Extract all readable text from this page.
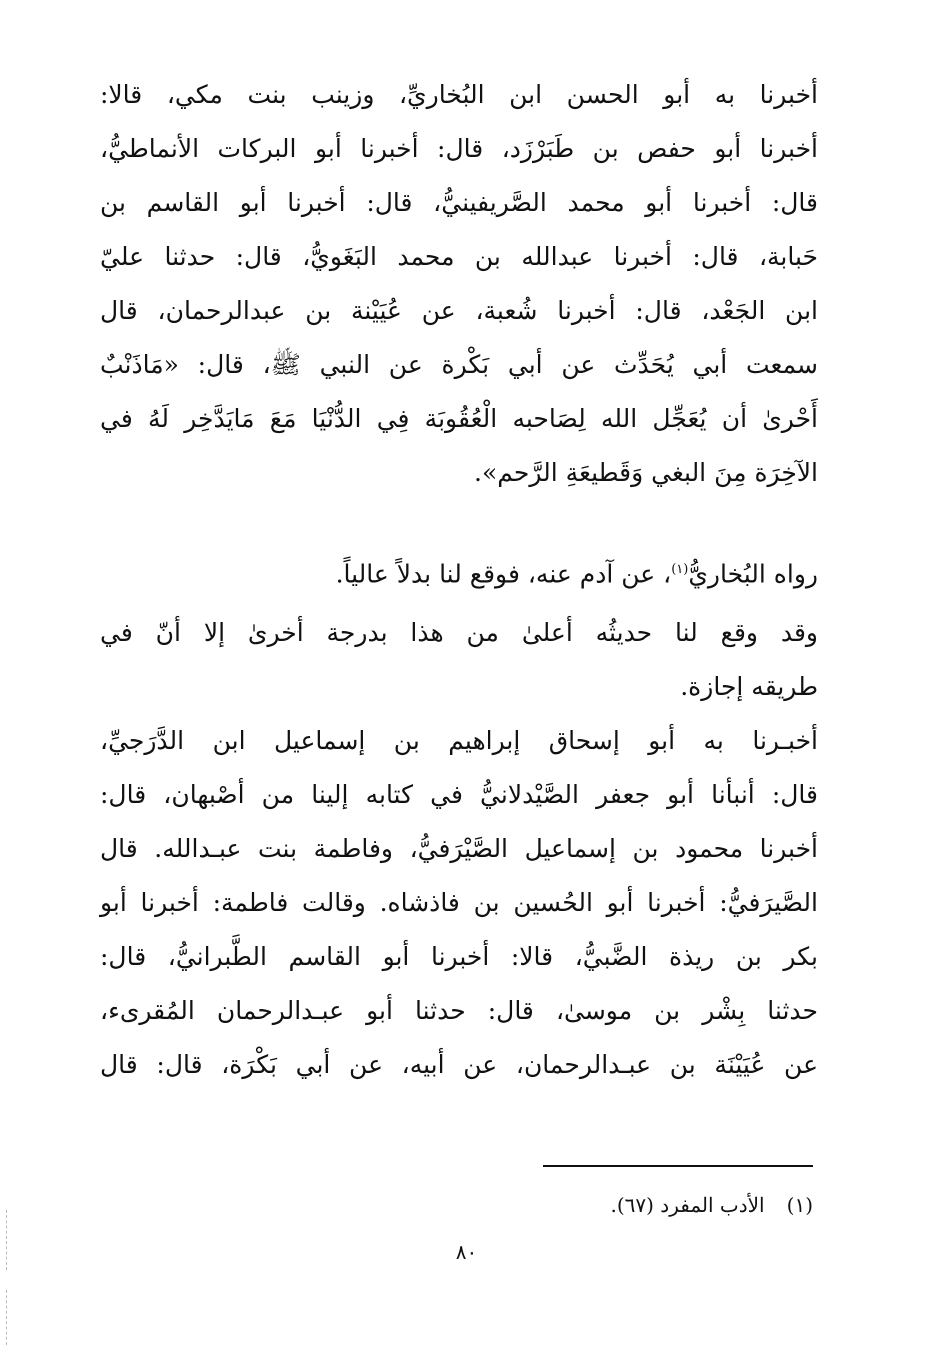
أخبرنا به أبو الحسن ابن البُخاريِّ، وزينب بنت مكي، قالا:
أخبرنا أبو حفص بن طَبَرْزَد، قال: أخبرنا أبو البركات الأنماطيُّ،
قال: أخبرنا أبو محمد الصَّريفينيُّ، قال: أخبرنا أبو القاسم بن
حَبابة، قال: أخبرنا عبدالله بن محمد البَغَويُّ، قال: حدثنا عليّ
ابن الجَعْد، قال: أخبرنا شُعبة، عن عُيَيْنة بن عبدالرحمان، قال
سمعت أبي يُحَدِّث عن أبي بَكْرة عن النبي ﷺ، قال: «مَاذَنْبٌ
أَحْرىٰ أن يُعَجِّل الله لِصَاحبه الْعُقُوبَة فِي الدُّنْيَا مَعَ مَايَدَّخِر لَهُ في
الآخِرَة مِنَ البغي وَقَطيعَةِ الرَّحم».
رواه البُخاريُّ$^{(١)}$، عن آدم عنه، فوقع لنا بدلاً عالياً.
وقد وقع لنا حديثُه أعلىٰ من هذا بدرجة أخرىٰ إلا أنّ في
طريقه إجازة.
أخبـرنا به أبو إسحاق إبراهيم بن إسماعيل ابن الدَّرَجيِّ،
قال: أنبأنا أبو جعفر الصَّيْدلانيُّ في كتابه إلينا من أصْبهان، قال:
أخبرنا محمود بن إسماعيل الصَّيْرَفيُّ، وفاطمة بنت عبـدالله. قال
الصَّيرَفيُّ: أخبرنا أبو الحُسين بن فاذشاه. وقالت فاطمة: أخبرنا أبو
بكر بن ريذة الضَّبيُّ، قالا: أخبرنا أبو القاسم الطَّبرانيُّ، قال:
حدثنا بِشْر بن موسىٰ، قال: حدثنا أبو عبـدالرحمان المُقرىء،
عن عُيَيْنَة بن عبـدالرحمان، عن أبيه، عن أبي بَكْرَة، قال: قال
(١)الأدب المفرد (٦٧).
٨٠
